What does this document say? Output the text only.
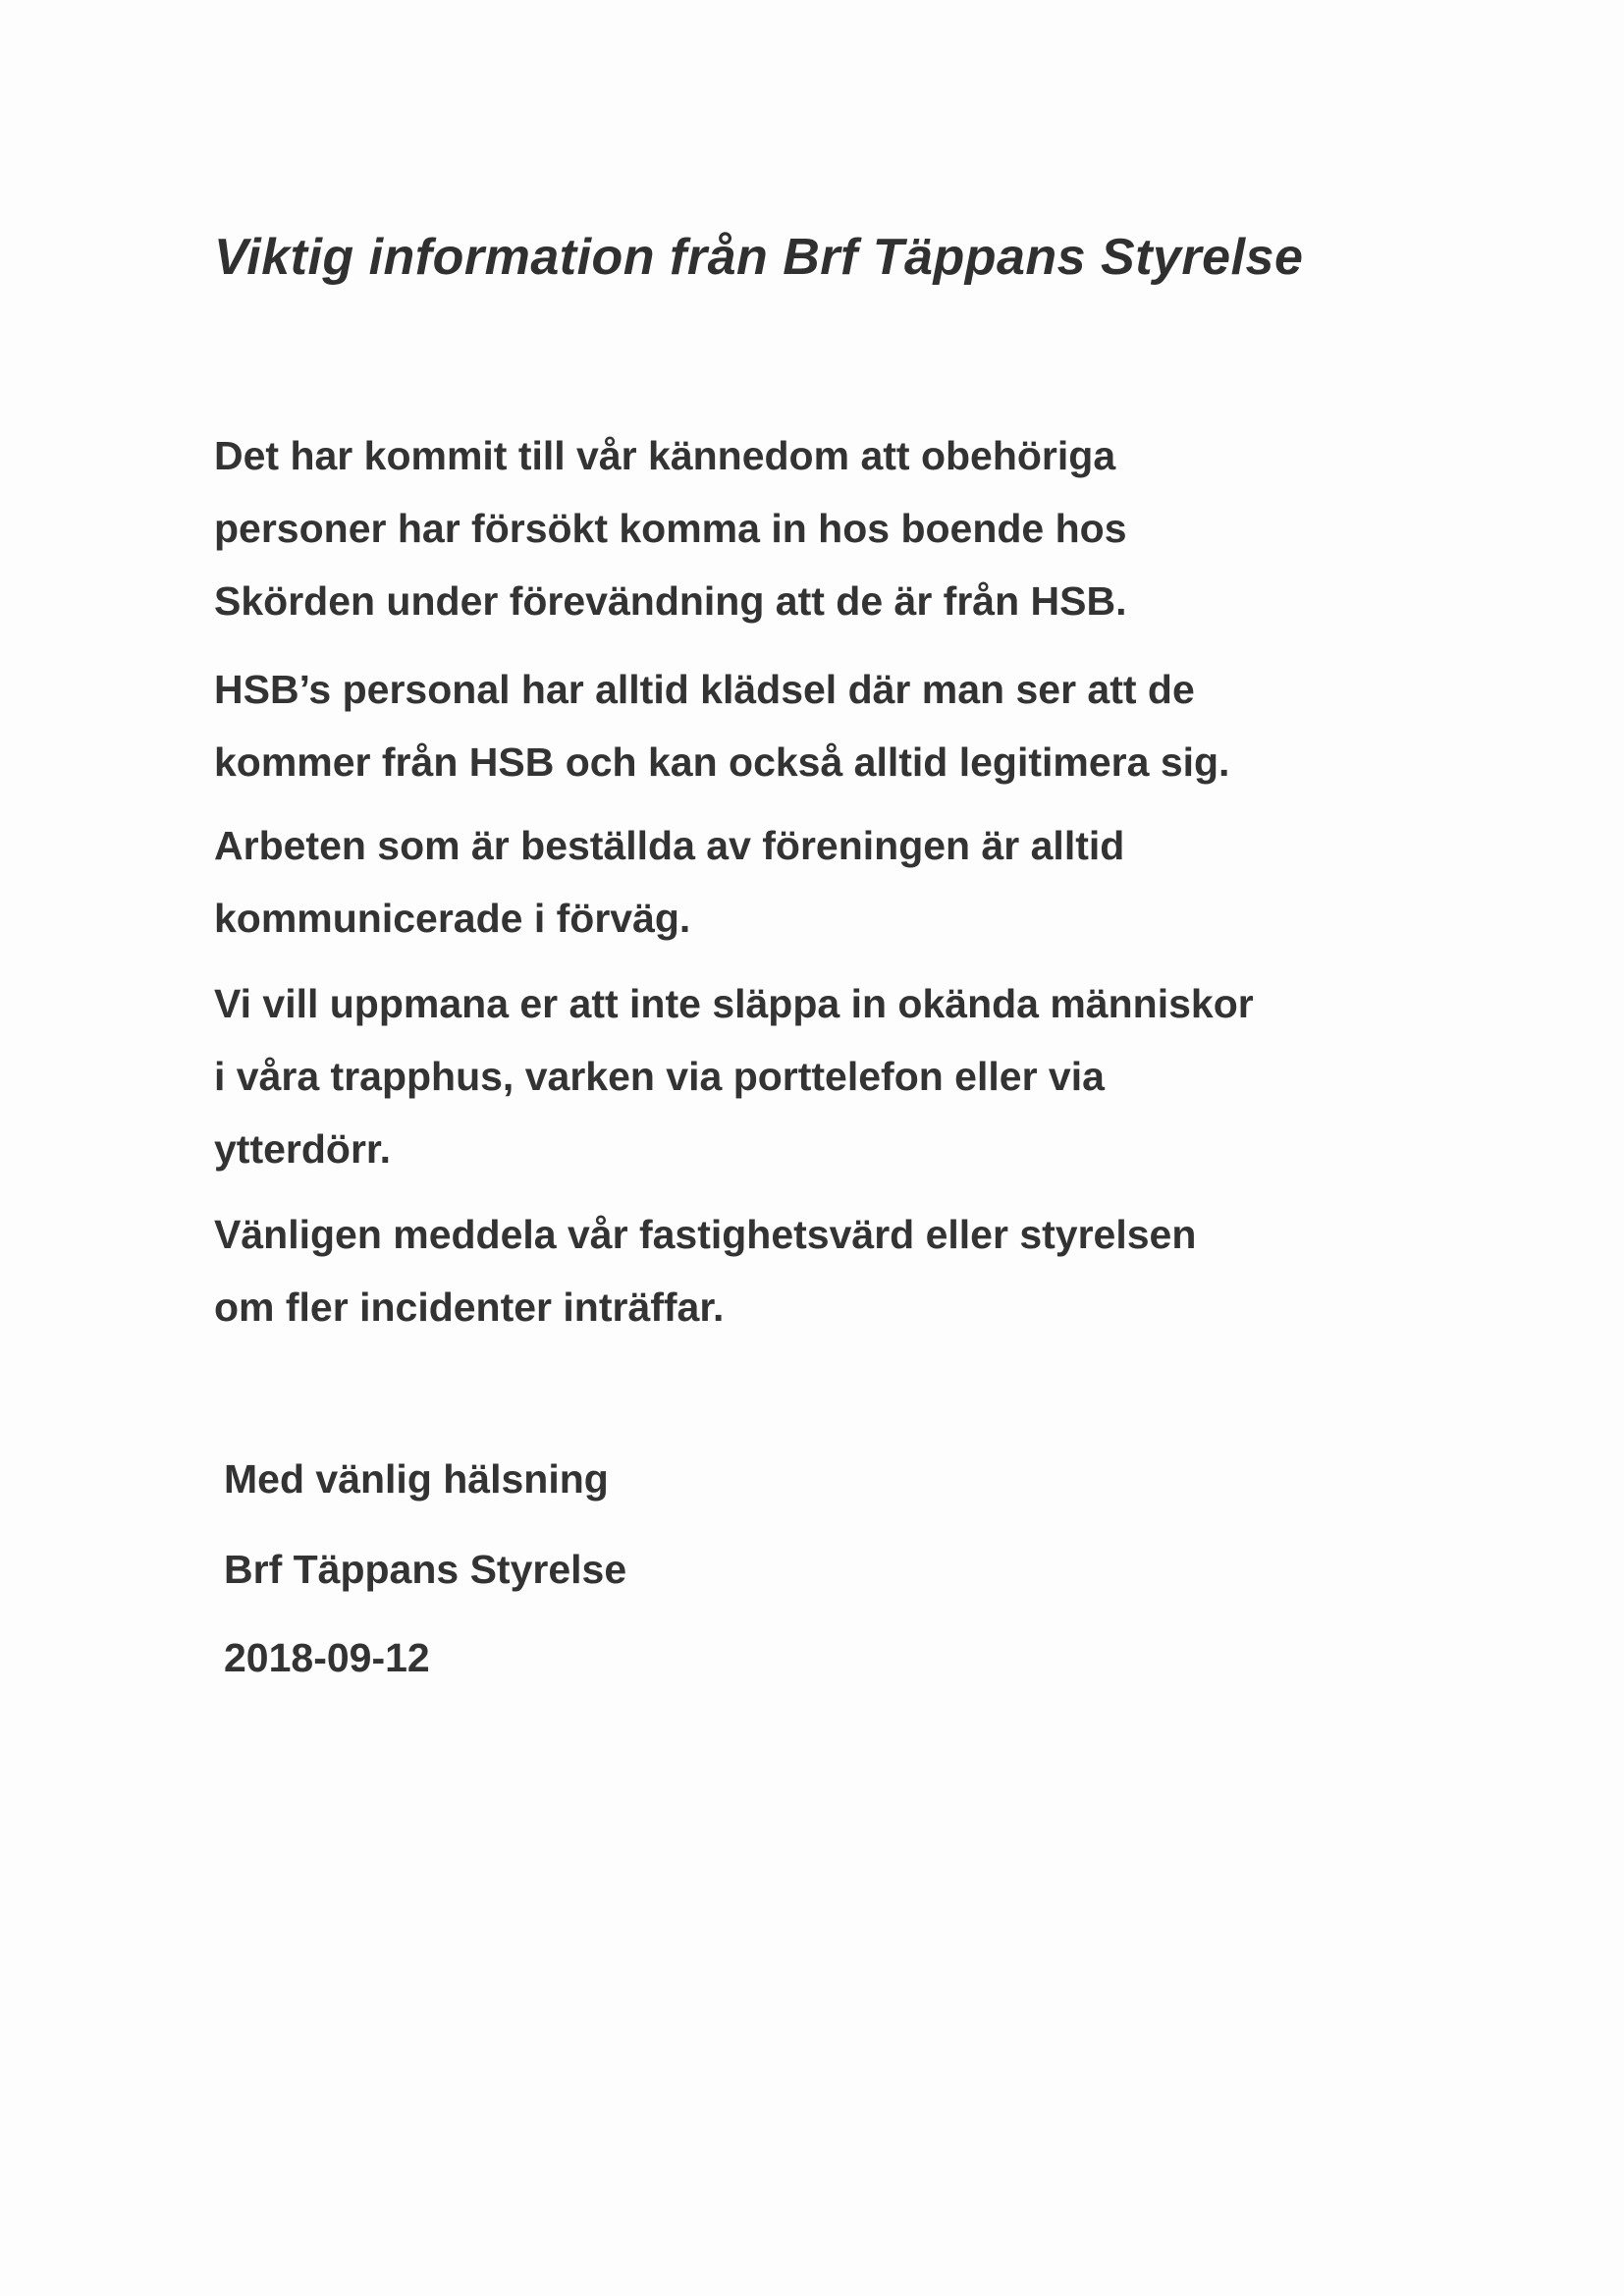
Viktig information från Brf Täppans Styrelse

Det har kommit till vår kännedom att obehöriga
personer har försökt komma in hos boende hos
Skörden under förevändning att de är från HSB.

HSB’s personal har alltid klädsel där man ser att de
kommer från HSB och kan också alltid legitimera sig.

Arbeten som är beställda av föreningen är alltid
kommunicerade i förväg.

Vi vill uppmana er att inte släppa in okända människor
i våra trapphus, varken via porttelefon eller via
ytterdörr.

Vänligen meddela vår fastighetsvärd eller styrelsen
om fler incidenter inträffar.

Med vänlig hälsning

Brf Täppans Styrelse

2018-09-12
